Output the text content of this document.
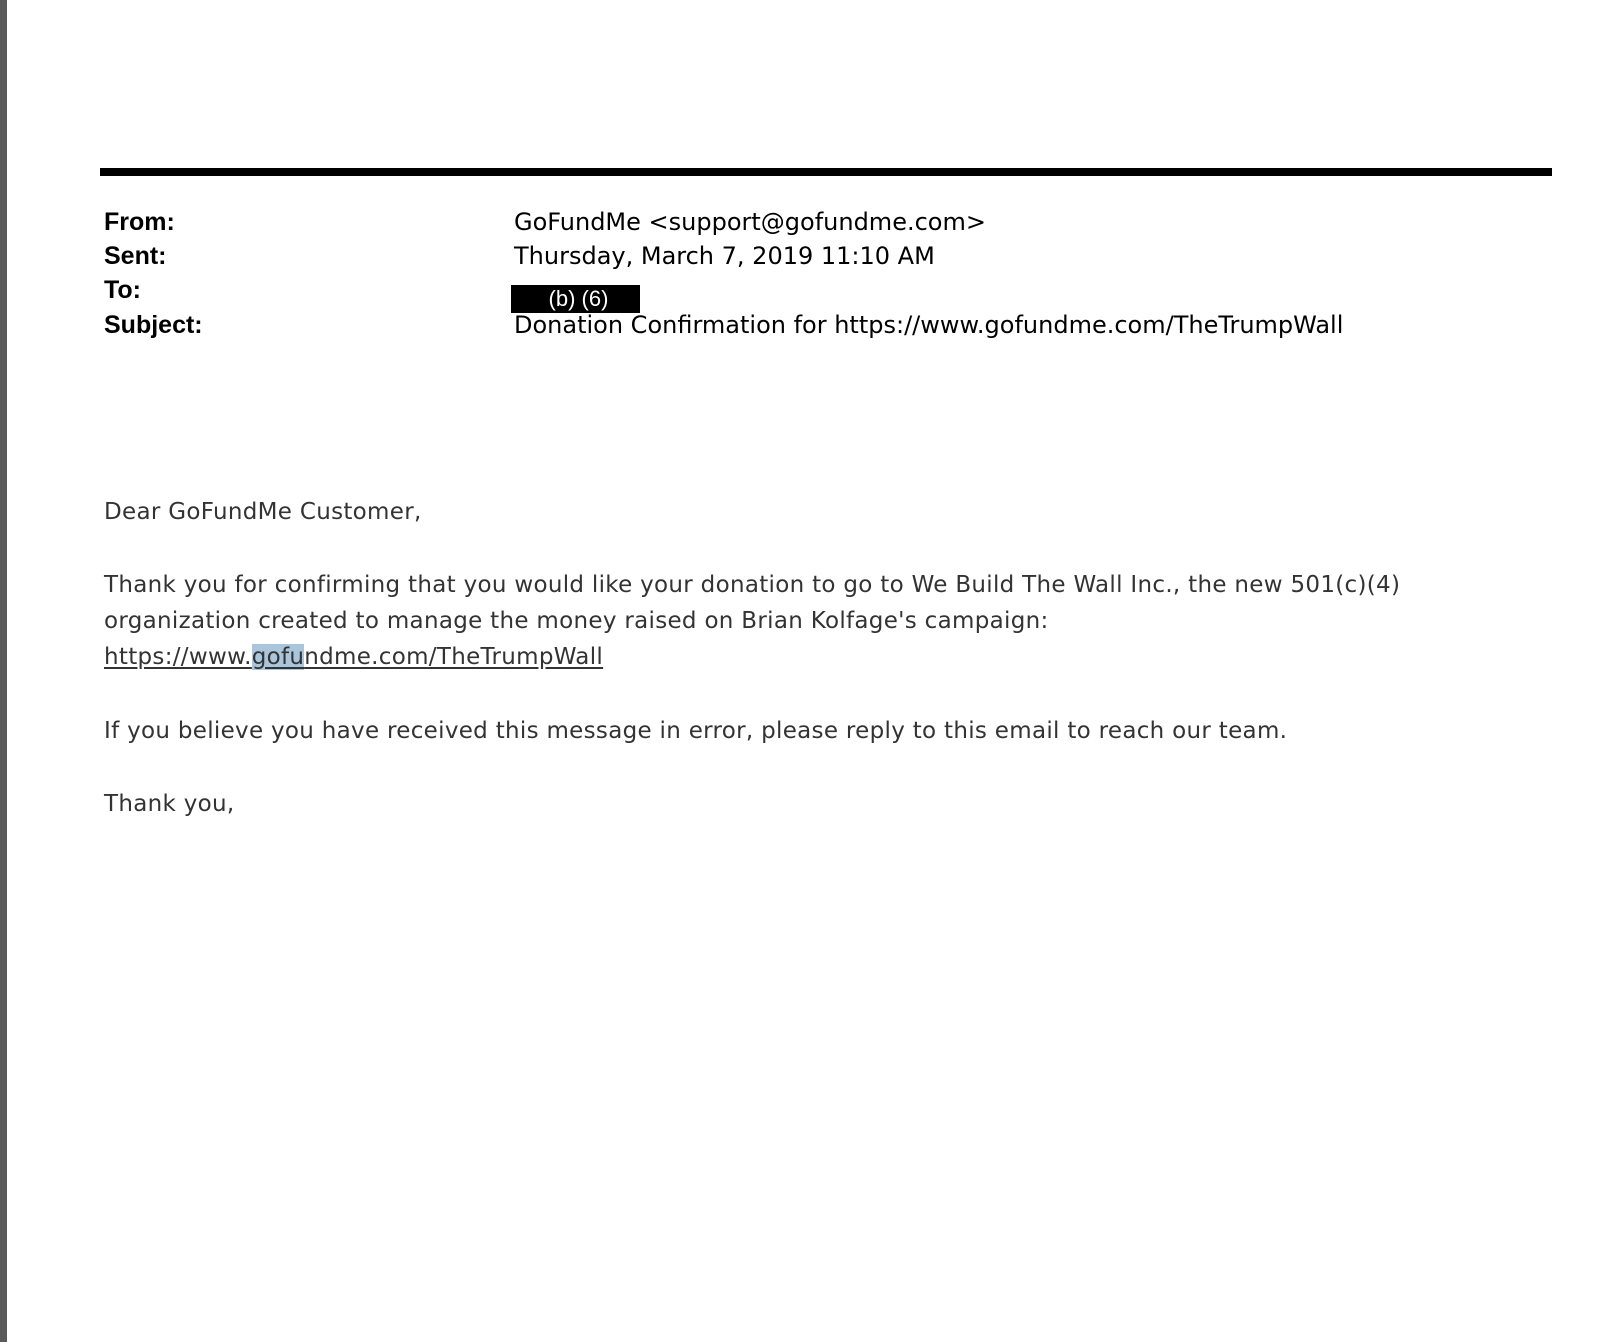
From:	GoFundMe <support@gofundme.com>
Sent:	Thursday, March 7, 2019 11:10 AM
To:	(b) (6)
Subject:	Donation Confirmation for https://www.gofundme.com/TheTrumpWall
Dear GoFundMe Customer,
Thank you for confirming that you would like your donation to go to We Build The Wall Inc., the new 501(c)(4)
organization created to manage the money raised on Brian Kolfage's campaign:
https://www.gofundme.com/TheTrumpWall
If you believe you have received this message in error, please reply to this email to reach our team.
Thank you,
